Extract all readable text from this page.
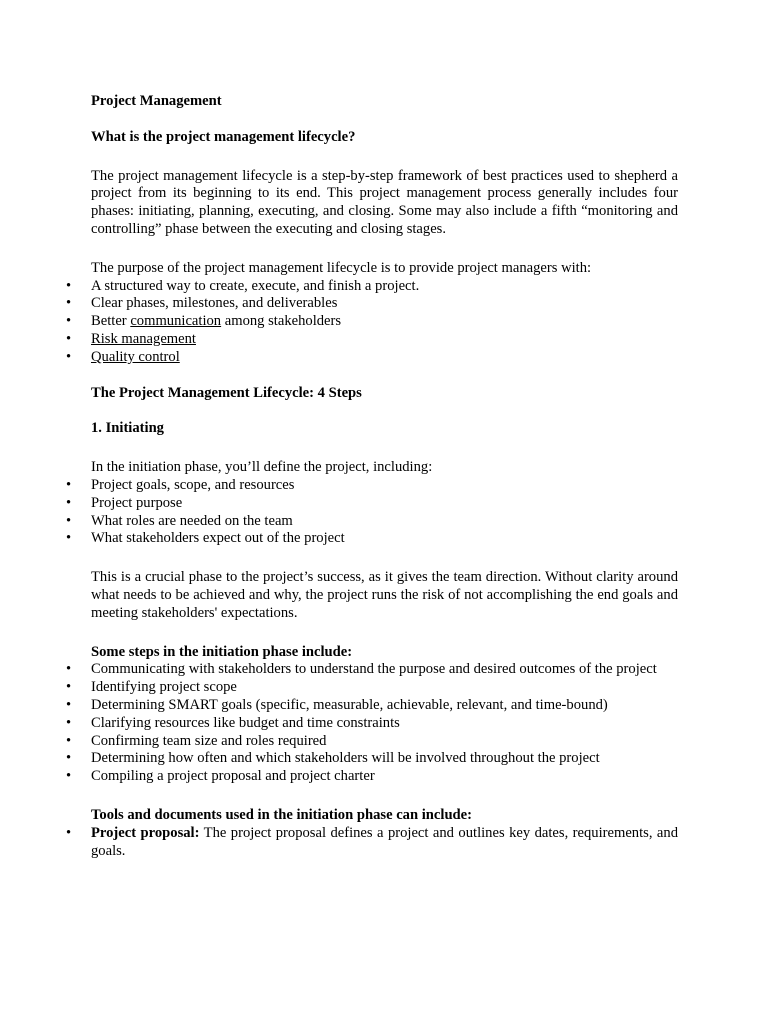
Project Management

What is the project management lifecycle?

The project management lifecycle is a step-by-step framework of best practices used to shepherd a project from its beginning to its end. This project management process generally includes four phases: initiating, planning, executing, and closing. Some may also include a fifth “monitoring and controlling” phase between the executing and closing stages.

The purpose of the project management lifecycle is to provide project managers with:

• A structured way to create, execute, and finish a project.
• Clear phases, milestones, and deliverables
• Better communication among stakeholders
• Risk management
• Quality control

The Project Management Lifecycle: 4 Steps

1. Initiating

In the initiation phase, you’ll define the project, including:

• Project goals, scope, and resources
• Project purpose
• What roles are needed on the team
• What stakeholders expect out of the project

This is a crucial phase to the project’s success, as it gives the team direction. Without clarity around what needs to be achieved and why, the project runs the risk of not accomplishing the end goals and meeting stakeholders' expectations.

Some steps in the initiation phase include:

• Communicating with stakeholders to understand the purpose and desired outcomes of the project
• Identifying project scope
• Determining SMART goals (specific, measurable, achievable, relevant, and time-bound)
• Clarifying resources like budget and time constraints
• Confirming team size and roles required
• Determining how often and which stakeholders will be involved throughout the project
• Compiling a project proposal and project charter

Tools and documents used in the initiation phase can include:

• Project proposal: The project proposal defines a project and outlines key dates, requirements, and goals.
